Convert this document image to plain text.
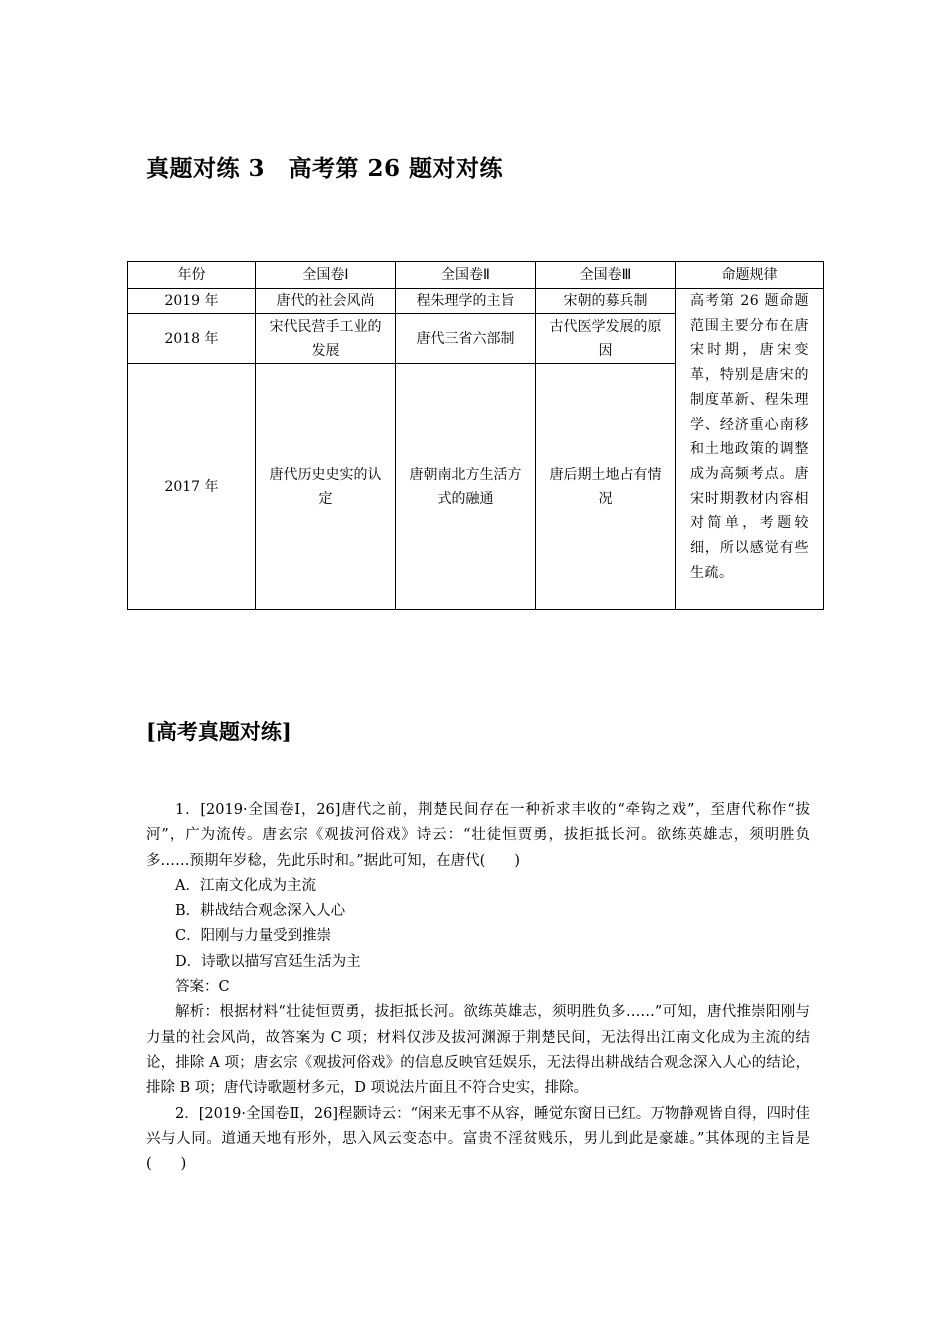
真题对练 3　高考第 26 题对对练
年份	全国卷Ⅰ	全国卷Ⅱ	全国卷Ⅲ	命题规律
2019 年	唐代的社会风尚	程朱理学的主旨	宋朝的募兵制	高考第 26 题命题范围主要分布在唐宋时期，唐宋变革，特别是唐宋的制度革新、程朱理学、经济重心南移和土地政策的调整成为高频考点。唐宋时期教材内容相对简单，考题较细，所以感觉有些生疏。
2018 年	宋代民营手工业的发展	唐代三省六部制	古代医学发展的原因	
2017 年	唐代历史史实的认定	唐朝南北方生活方式的融通	唐后期土地占有情况	
[高考真题对练]

1．[2019·全国卷Ⅰ，26]唐代之前，荆楚民间存在一种祈求丰收的“牵钩之戏”，至唐代称作“拔河”，广为流传。唐玄宗《观拔河俗戏》诗云：“壮徒恒贾勇，拔拒抵长河。欲练英雄志，须明胜负多……预期年岁稔，先此乐时和。”据此可知，在唐代(　　)

A．江南文化成为主流

B．耕战结合观念深入人心

C．阳刚与力量受到推崇

D．诗歌以描写宫廷生活为主

答案：C

解析：根据材料“壮徒恒贾勇，拔拒抵长河。欲练英雄志，须明胜负多……”可知，唐代推崇阳刚与力量的社会风尚，故答案为 C 项；材料仅涉及拔河渊源于荆楚民间，无法得出江南文化成为主流的结论，排除 A 项；唐玄宗《观拔河俗戏》的信息反映官廷娱乐，无法得出耕战结合观念深入人心的结论，排除 B 项；唐代诗歌题材多元，D 项说法片面且不符合史实，排除。

2．[2019·全国卷Ⅱ，26]程颢诗云：“闲来无事不从容，睡觉东窗日已红。万物静观皆自得，四时佳兴与人同。道通天地有形外，思入风云变态中。富贵不淫贫贱乐，男儿到此是豪雄。”其体现的主旨是(　　)
